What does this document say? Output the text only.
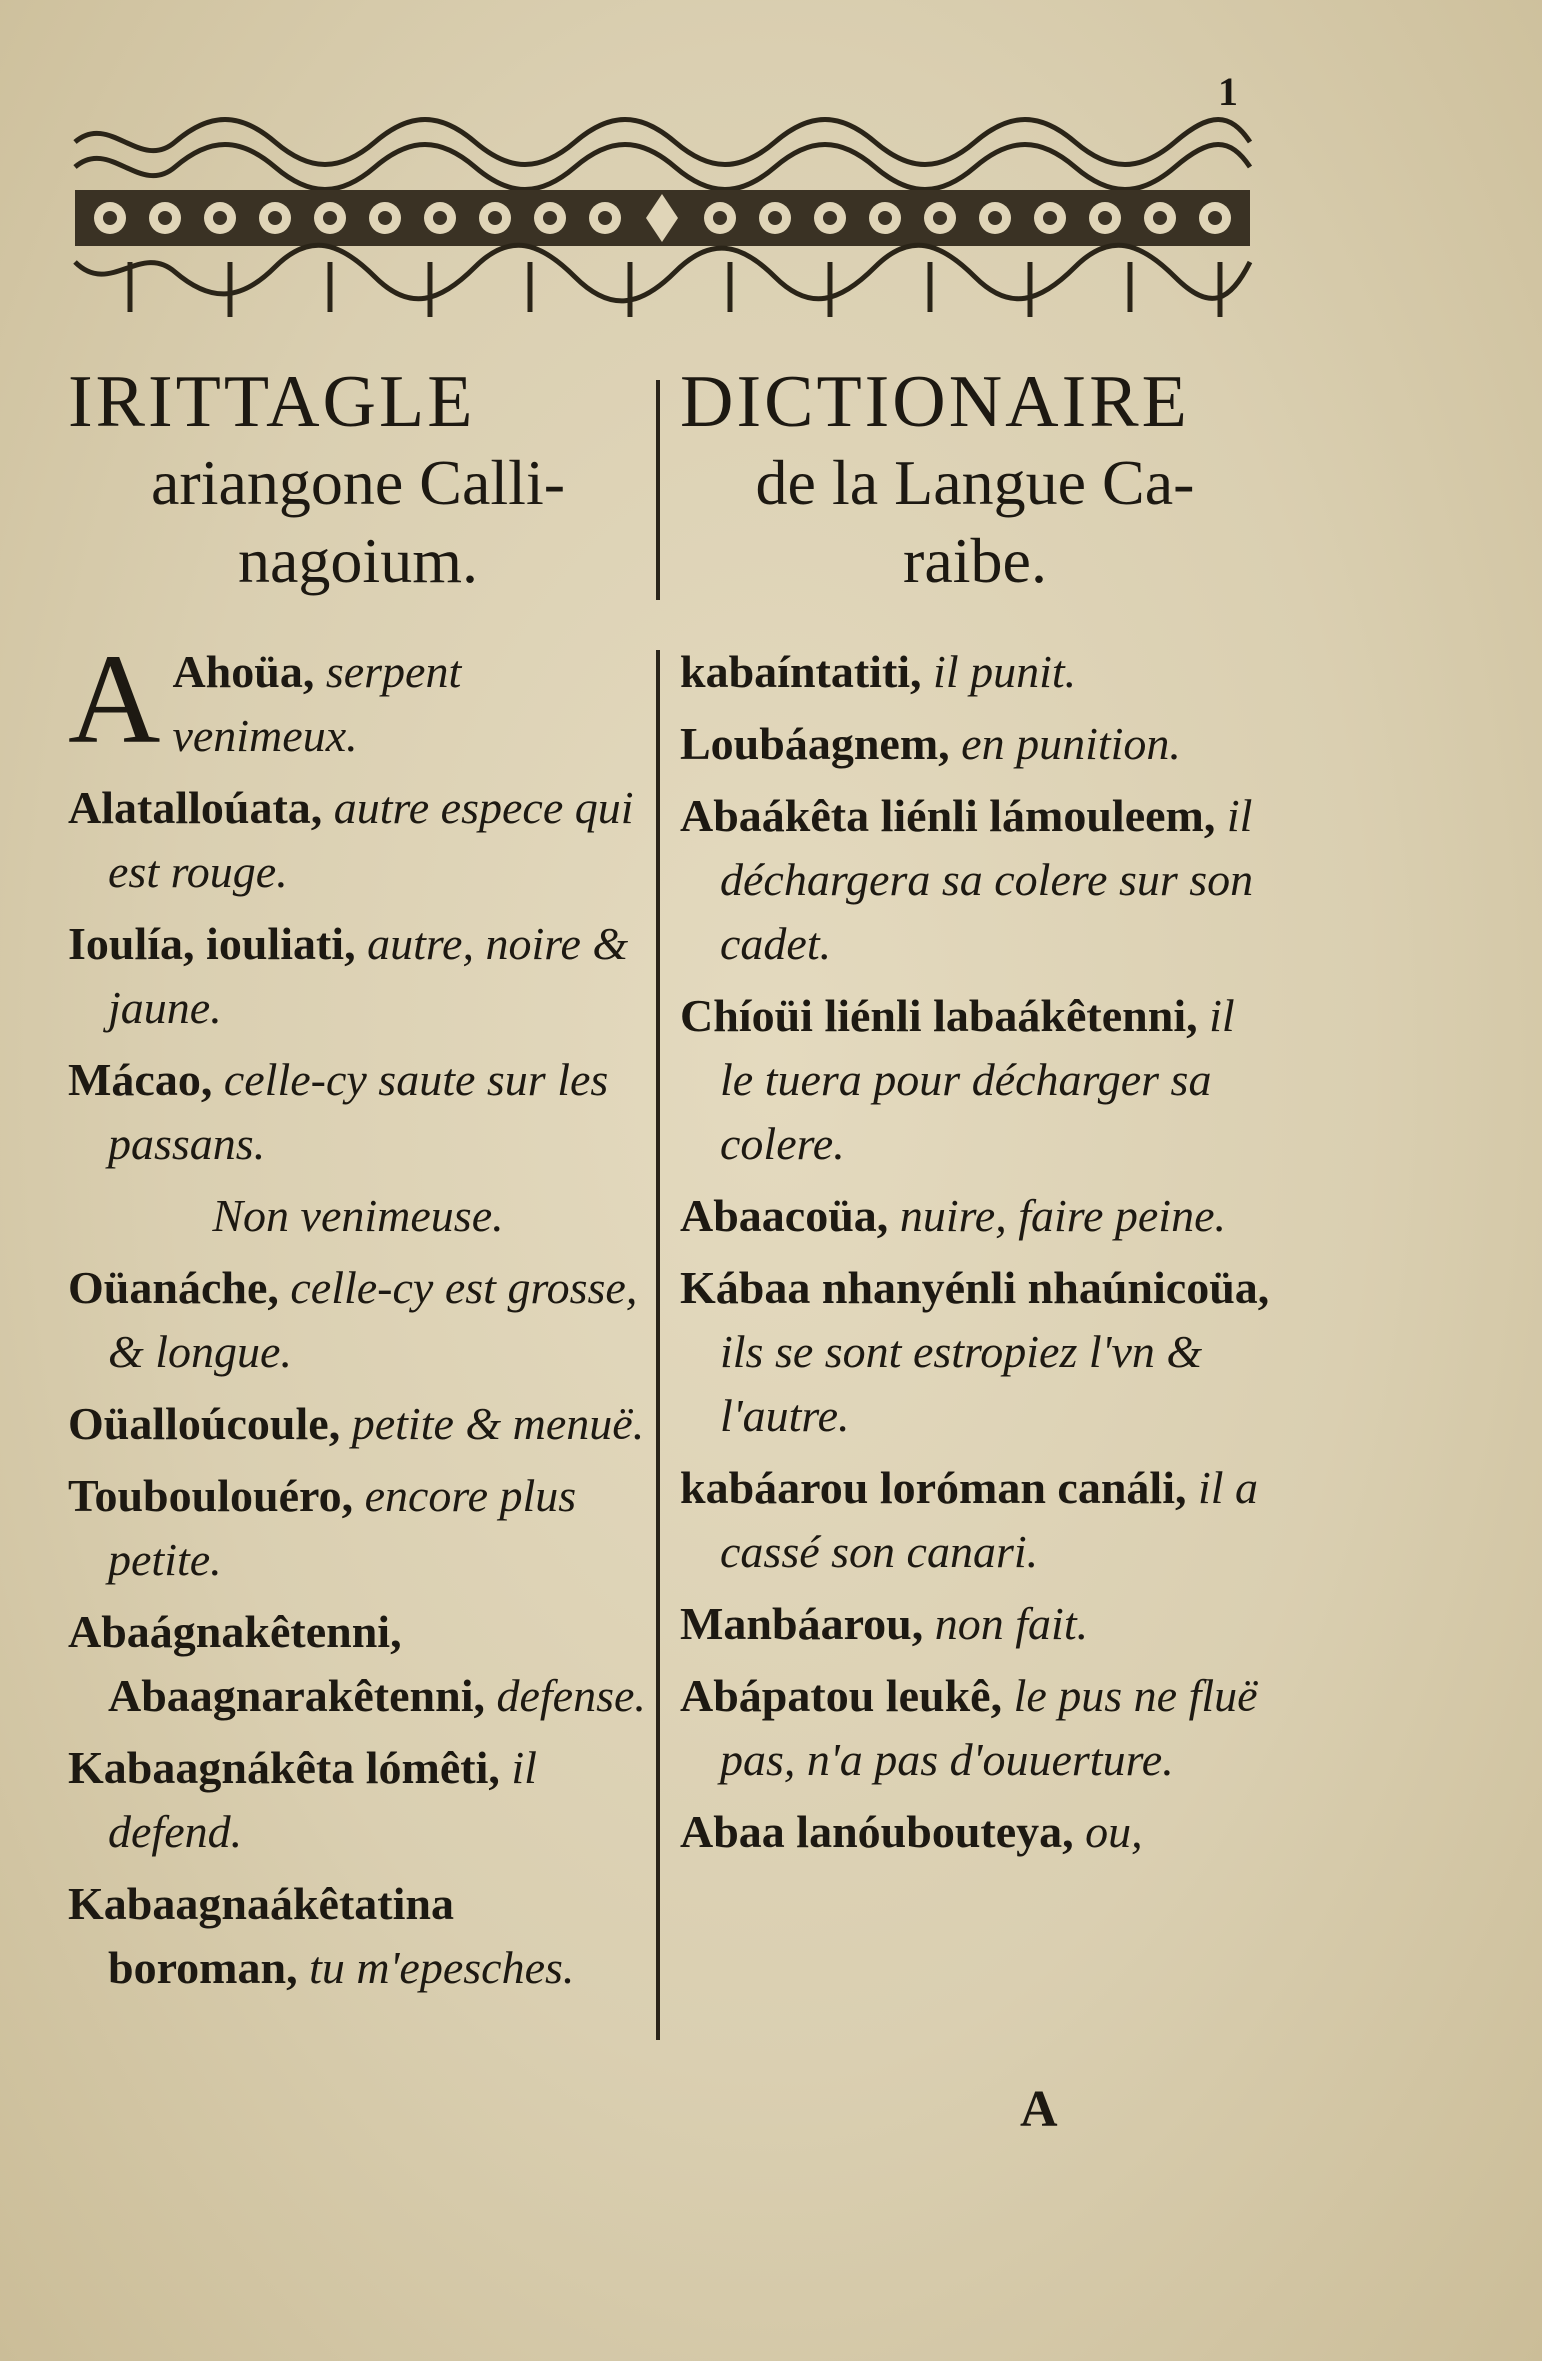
1
IRITTAGLE

ariangone Calli-

nagoium.

A Ahoüa, serpent venimeux.

Alatalloúata, autre espece qui est rouge.

Ioulía, iouliati, autre, noire & jaune.

Mácao, celle-cy saute sur les passans.

Non venimeuse.

Oüanáche, celle-cy est grosse, & longue.

Oüalloúcoule, petite & menuë.

Touboulouéro, encore plus petite.

Abaágnakêtenni, Abaagnarakêtenni, defense.

Kabaagnákêta lómêti, il defend.

Kabaagnaákêtatina boroman, tu m'epesches.

DICTIONAIRE

de la Langue Ca-

raibe.

kabaíntatiti, il punit.

Loubáagnem, en punition.

Abaákêta liénli lámouleem, il déchargera sa colere sur son cadet.

Chíoüi liénli labaákêtenni, il le tuera pour décharger sa colere.

Abaacoüa, nuire, faire peine.

Kábaa nhanyénli nhaúnicoüa, ils se sont estropiez l'vn & l'autre.

kabáarou loróman canáli, il a cassé son canari.

Manbáarou, non fait.

Abápatou leukê, le pus ne fluë pas, n'a pas d'ouuerture.

Abaa lanóubouteya, ou,

A
